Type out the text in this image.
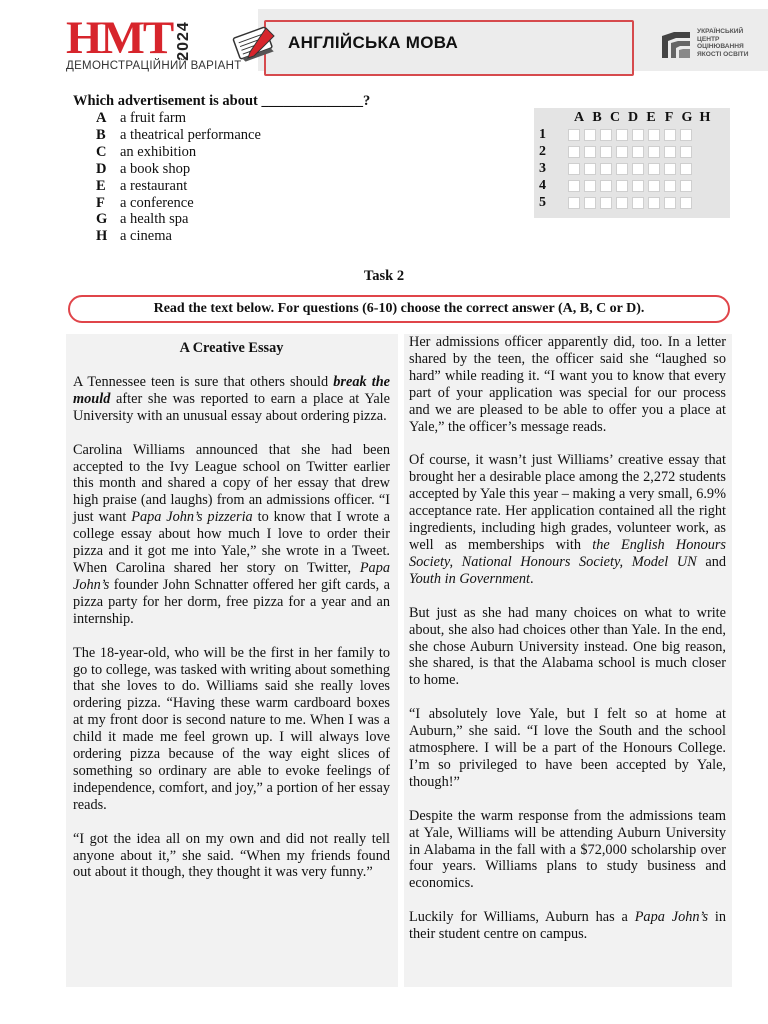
НМТ 2024
ДЕМОНСТРАЦІЙНИЙ ВАРІАНТ
АНГЛІЙСЬКА МОВА
УКРАЇНСЬКИЙ
ЦЕНТР
ОЦІНЮВАННЯ
ЯКОСТІ ОСВІТИ
Which advertisement is about ______________?
A a fruit farm
B a theatrical performance
C an exhibition
D a book shop
E a restaurant
F	a conference
G a health spa
H a cinema
A B C D E F G H
1
2
3
4
5
Task 2
Read the text below. For questions (6-10) choose the correct answer (A, B, C or D).

A Creative Essay

A Tennessee teen is sure that others should break the mould after she was reported to earn a place at Yale University with an unusual essay about ordering pizza.

Carolina Williams announced that she had been accepted to the Ivy League school on Twitter earlier this month and shared a copy of her essay that drew high praise (and laughs) from an admissions officer. “I just want Papa John’s pizzeria to know that I wrote a college essay about how much I love to order their pizza and it got me into Yale,” she wrote in a Tweet. When Carolina shared her story on Twitter, Papa John’s founder John Schnatter offered her gift cards, a pizza party for her dorm, free pizza for a year and an internship.

The 18-year-old, who will be the first in her family to go to college, was tasked with writing about something that she loves to do. Williams said she really loves ordering pizza. “Having these warm cardboard boxes at my front door is second nature to me. When I was a child it made me feel grown up. I will always love ordering pizza because of the way eight slices of something so ordinary are able to evoke feelings of independence, comfort, and joy,” a portion of her essay reads.

“I got the idea all on my own and did not really tell anyone about it,” she said. “When my friends found out about it though, they thought it was very funny.”

Her admissions officer apparently did, too. In a letter shared by the teen, the officer said she “laughed so hard” while reading it. “I want you to know that every part of your application was special for our process and we are pleased to be able to offer you a place at Yale,” the officer’s message reads.

Of course, it wasn’t just Williams’ creative essay that brought her a desirable place among the 2,272 students accepted by Yale this year – making a very small, 6.9% acceptance rate. Her application contained all the right ingredients, including high grades, volunteer work, as well as memberships with the English Honours Society, National Honours Society, Model UN and Youth in Government.

But just as she had many choices on what to write about, she also had choices other than Yale. In the end, she chose Auburn University instead. One big reason, she shared, is that the Alabama school is much closer to home.

“I absolutely love Yale, but I felt so at home at Auburn,” she said. “I love the South and the school atmosphere. I will be a part of the Honours College. I’m so privileged to have been accepted by Yale, though!”

Despite the warm response from the admissions team at Yale, Williams will be attending Auburn University in Alabama in the fall with a $72,000 scholarship over four years. Williams plans to study business and economics.

Luckily for Williams, Auburn has a Papa John’s in their student centre on campus.
